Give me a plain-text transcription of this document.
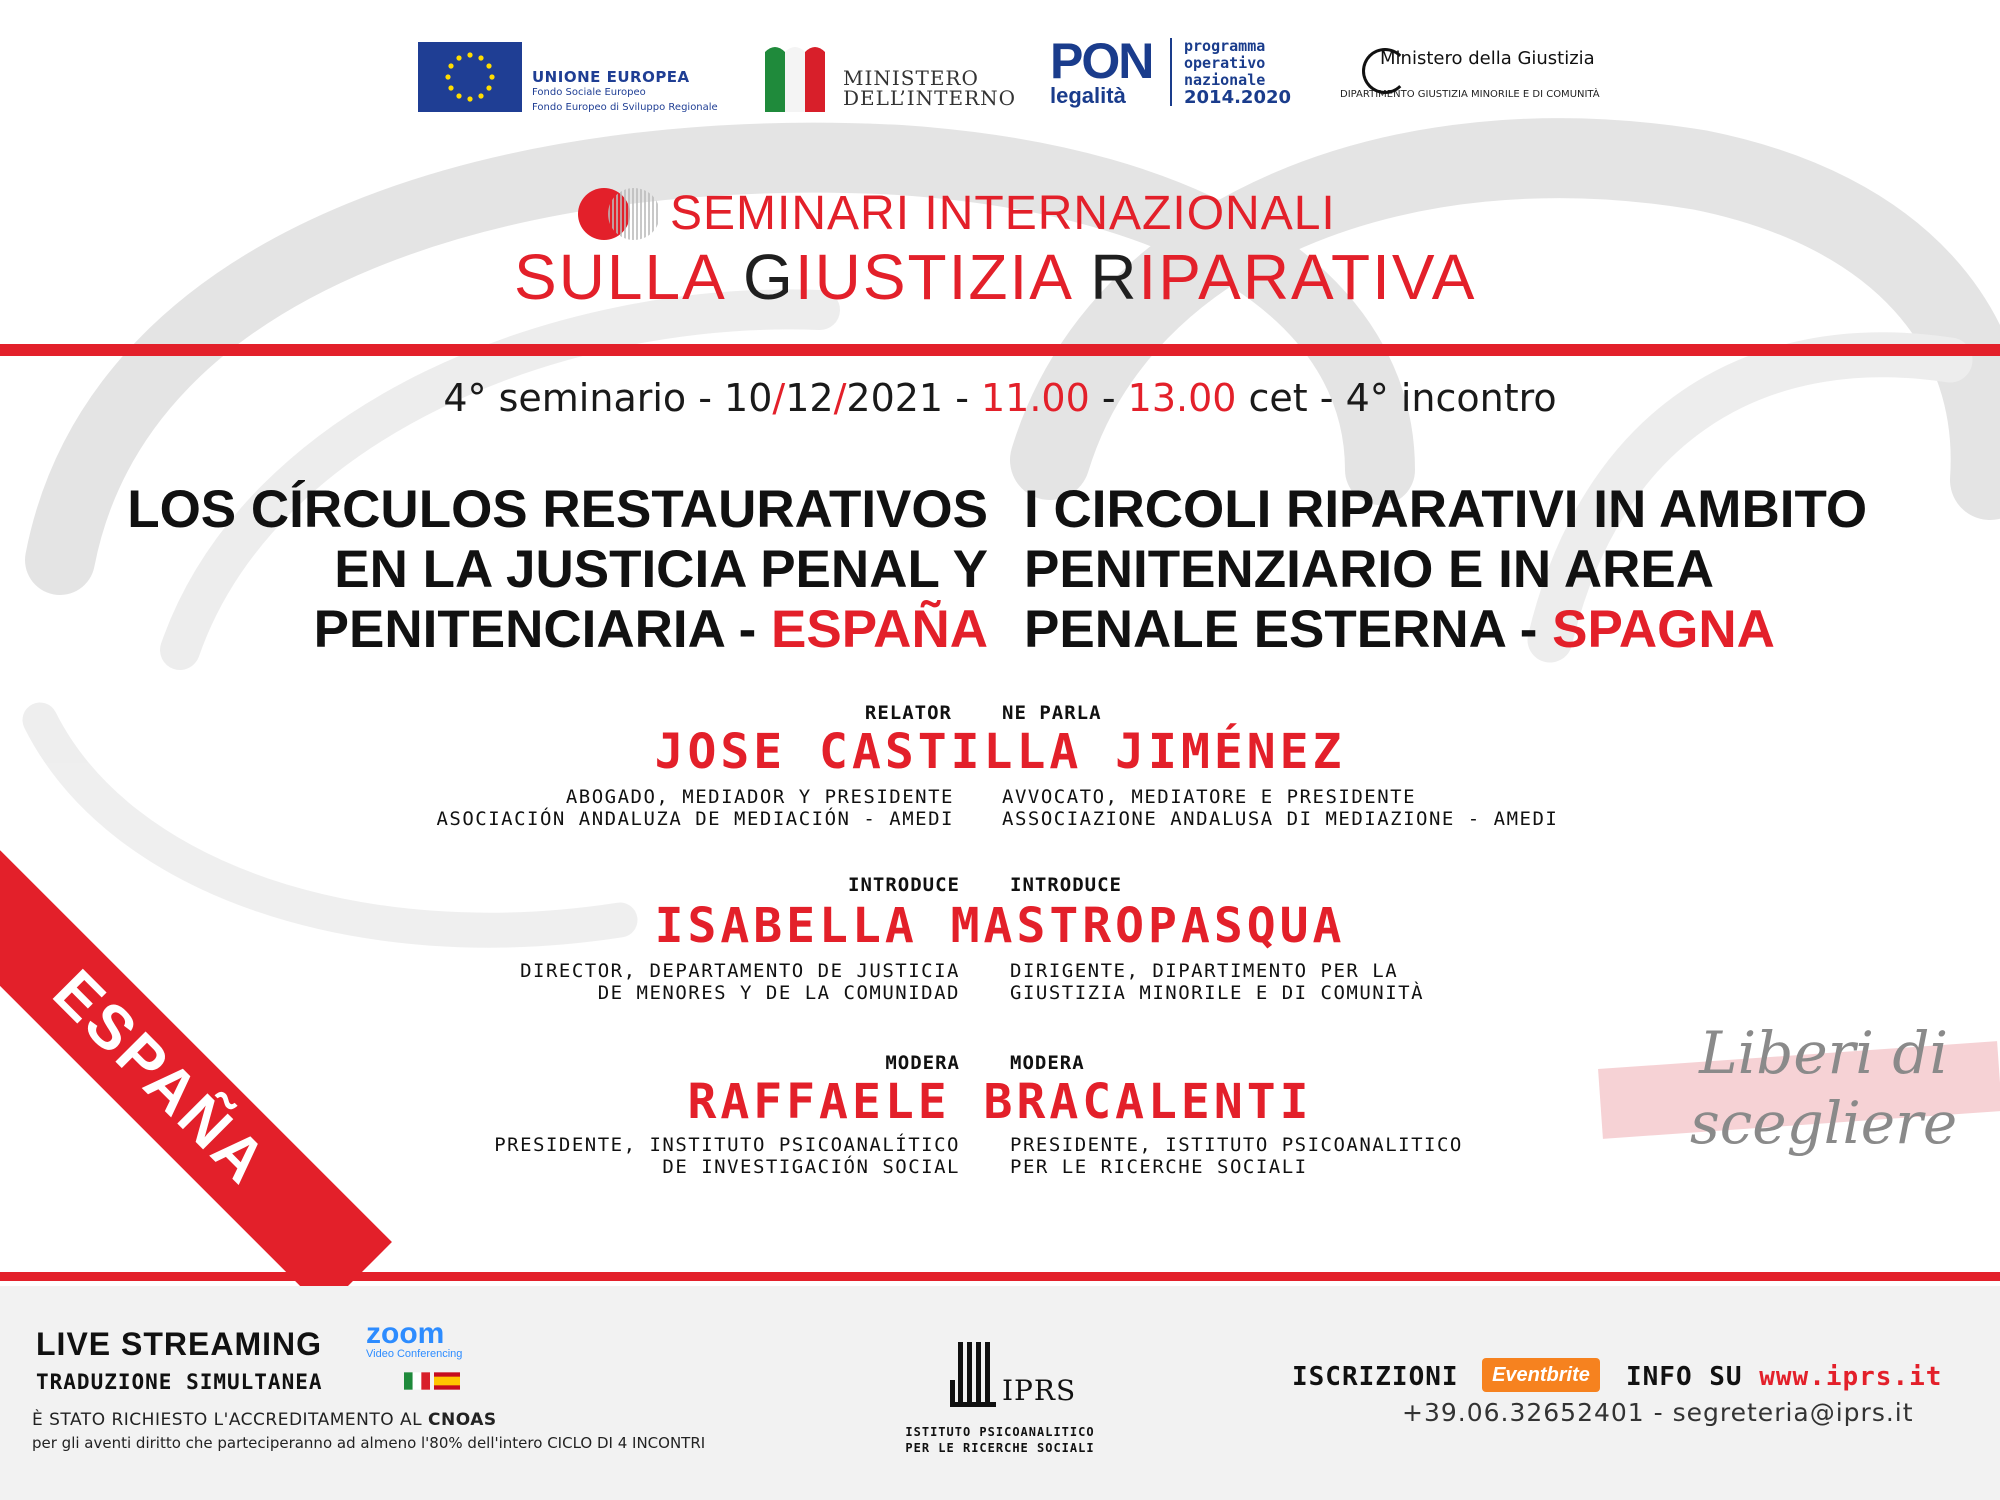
UNIONE EUROPEA
Fondo Sociale Europeo
Fondo Europeo di Sviluppo Regionale
MINISTERO
DELL’INTERNO
PON
legalità
programma
operativo
nazionale
2014.2020
Ministero della Giustizia
DIPARTIMENTO GIUSTIZIA MINORILE E DI COMUNITÀ
SEMINARI INTERNAZIONALI
SULLA GIUSTIZIA RIPARATIVA
4° seminario - 10/12/2021 - 11.00 - 13.00 cet - 4° incontro
LOS CÍRCULOS RESTAURATIVOS
EN LA JUSTICIA PENAL Y
PENITENCIARIA - ESPAÑA
I CIRCOLI RIPARATIVI IN AMBITO
PENITENZIARIO E IN AREA
PENALE ESTERNA - SPAGNA
RELATOR	NE PARLA
JOSE CASTILLA JIMÉNEZ
ABOGADO, MEDIADOR Y PRESIDENTE
ASOCIACIÓN ANDALUZA DE MEDIACIÓN - AMEDI
AVVOCATO, MEDIATORE E PRESIDENTE
ASSOCIAZIONE ANDALUSA DI MEDIAZIONE - AMEDI
INTRODUCE	INTRODUCE
ISABELLA MASTROPASQUA
DIRECTOR, DEPARTAMENTO DE JUSTICIA
DE MENORES Y DE LA COMUNIDAD
DIRIGENTE, DIPARTIMENTO PER LA
GIUSTIZIA MINORILE E DI COMUNITÀ
MODERA	MODERA
RAFFAELE BRACALENTI
PRESIDENTE, INSTITUTO PSICOANALÍTICO
DE INVESTIGACIÓN SOCIAL
PRESIDENTE, ISTITUTO PSICOANALITICO
PER LE RICERCHE SOCIALI
Liberi di
scegliere
ESPAÑA
LIVE STREAMING zoom
Video Conferencing
TRADUZIONE SIMULTANEA
È STATO RICHIESTO L'ACCREDITAMENTO AL CNOAS
per gli aventi diritto che parteciperanno ad almeno l'80% dell'intero CICLO DI 4 INCONTRI
IPRS
ISTITUTO PSICOANALITICO
PER LE RICERCHE SOCIALI
ISCRIZIONI	Eventbrite	INFO SU www.iprs.it
+39.06.32652401 - segreteria@iprs.it
